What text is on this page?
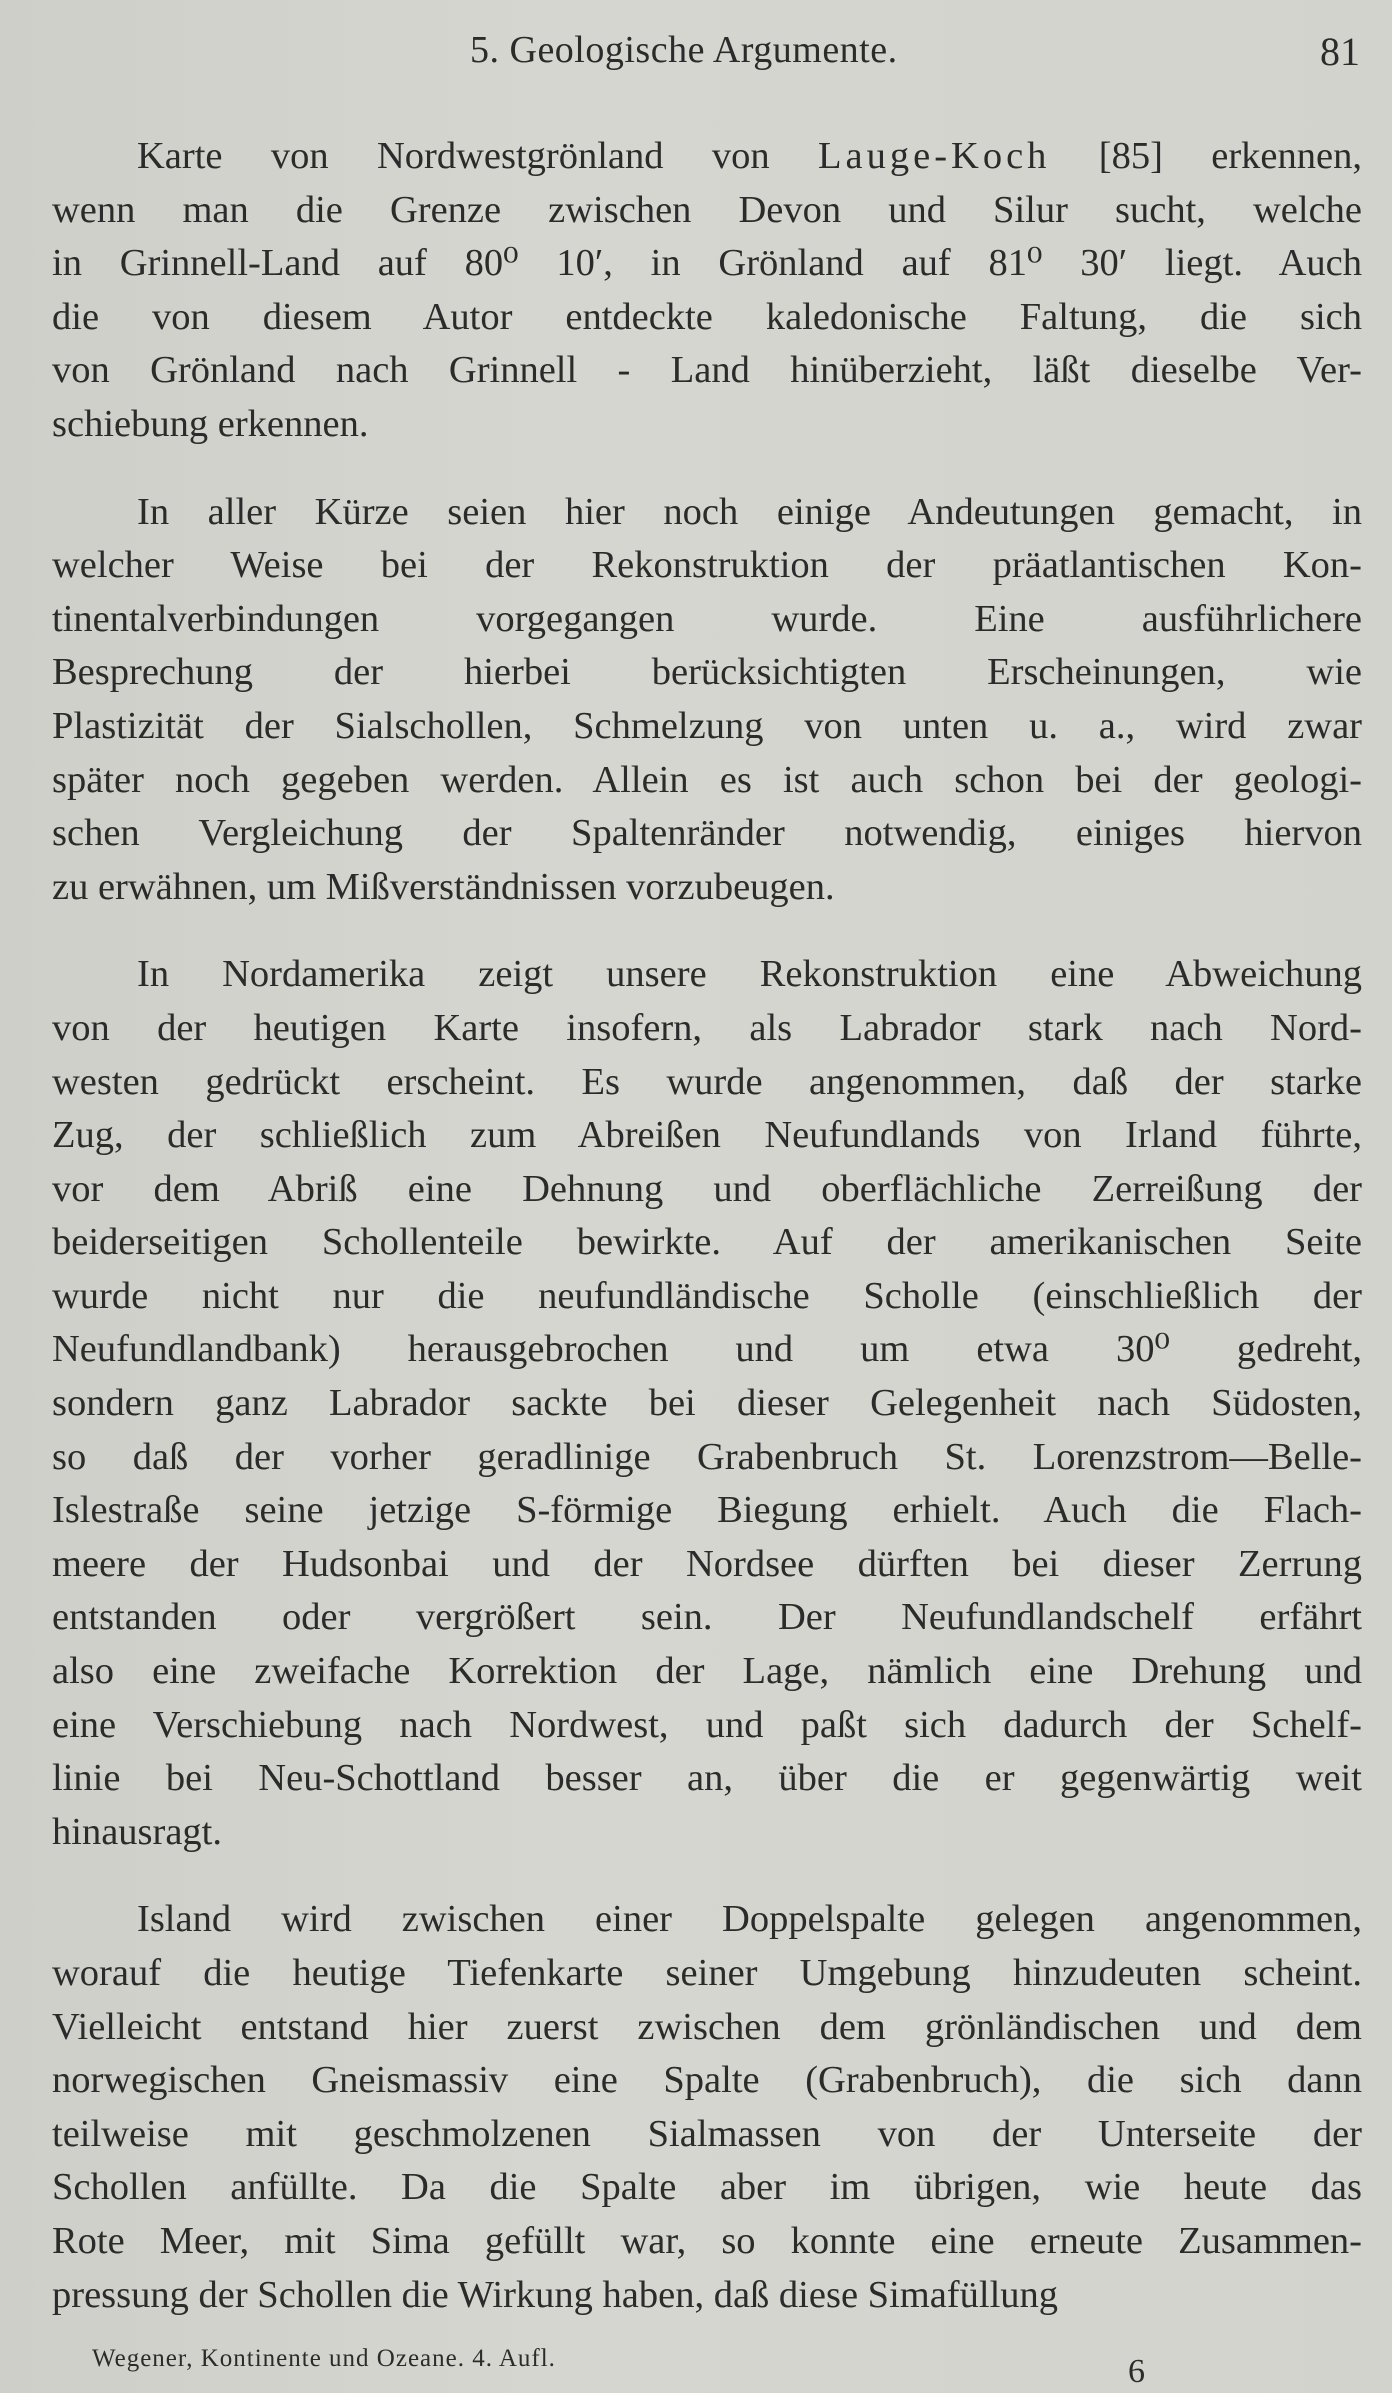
5. Geologische Argumente.	81
Karte von Nordwestgrönland von Lauge-Koch [85] erkennen,
wenn man die Grenze zwischen Devon und Silur sucht, welche
in Grinnell-Land auf 80⁰ 10′, in Grönland auf 81⁰ 30′ liegt. Auch
die von diesem Autor entdeckte kaledonische Faltung, die sich
von Grönland nach Grinnell - Land hinüberzieht, läßt dieselbe Ver-
schiebung erkennen.
In aller Kürze seien hier noch einige Andeutungen gemacht, in
welcher Weise bei der Rekonstruktion der präatlantischen Kon-
tinentalverbindungen vorgegangen wurde. Eine ausführlichere
Besprechung der hierbei berücksichtigten Erscheinungen, wie
Plastizität der Sialschollen, Schmelzung von unten u. a., wird zwar
später noch gegeben werden. Allein es ist auch schon bei der geologi-
schen Vergleichung der Spaltenränder notwendig, einiges hiervon
zu erwähnen, um Mißverständnissen vorzubeugen.
In Nordamerika zeigt unsere Rekonstruktion eine Abweichung
von der heutigen Karte insofern, als Labrador stark nach Nord-
westen gedrückt erscheint. Es wurde angenommen, daß der starke
Zug, der schließlich zum Abreißen Neufundlands von Irland führte,
vor dem Abriß eine Dehnung und oberflächliche Zerreißung der
beiderseitigen Schollenteile bewirkte. Auf der amerikanischen Seite
wurde nicht nur die neufundländische Scholle (einschließlich der
Neufundlandbank) herausgebrochen und um etwa 30⁰ gedreht,
sondern ganz Labrador sackte bei dieser Gelegenheit nach Südosten,
so daß der vorher geradlinige Grabenbruch St. Lorenzstrom—Belle-
Islestraße seine jetzige S-förmige Biegung erhielt. Auch die Flach-
meere der Hudsonbai und der Nordsee dürften bei dieser Zerrung
entstanden oder vergrößert sein. Der Neufundlandschelf erfährt
also eine zweifache Korrektion der Lage, nämlich eine Drehung und
eine Verschiebung nach Nordwest, und paßt sich dadurch der Schelf-
linie bei Neu-Schottland besser an, über die er gegenwärtig weit
hinausragt.
Island wird zwischen einer Doppelspalte gelegen angenommen,
worauf die heutige Tiefenkarte seiner Umgebung hinzudeuten scheint.
Vielleicht entstand hier zuerst zwischen dem grönländischen und dem
norwegischen Gneismassiv eine Spalte (Grabenbruch), die sich dann
teilweise mit geschmolzenen Sialmassen von der Unterseite der
Schollen anfüllte. Da die Spalte aber im übrigen, wie heute das
Rote Meer, mit Sima gefüllt war, so konnte eine erneute Zusammen-
pressung der Schollen die Wirkung haben, daß diese Simafüllung
Wegener, Kontinente und Ozeane. 4. Aufl.	6
